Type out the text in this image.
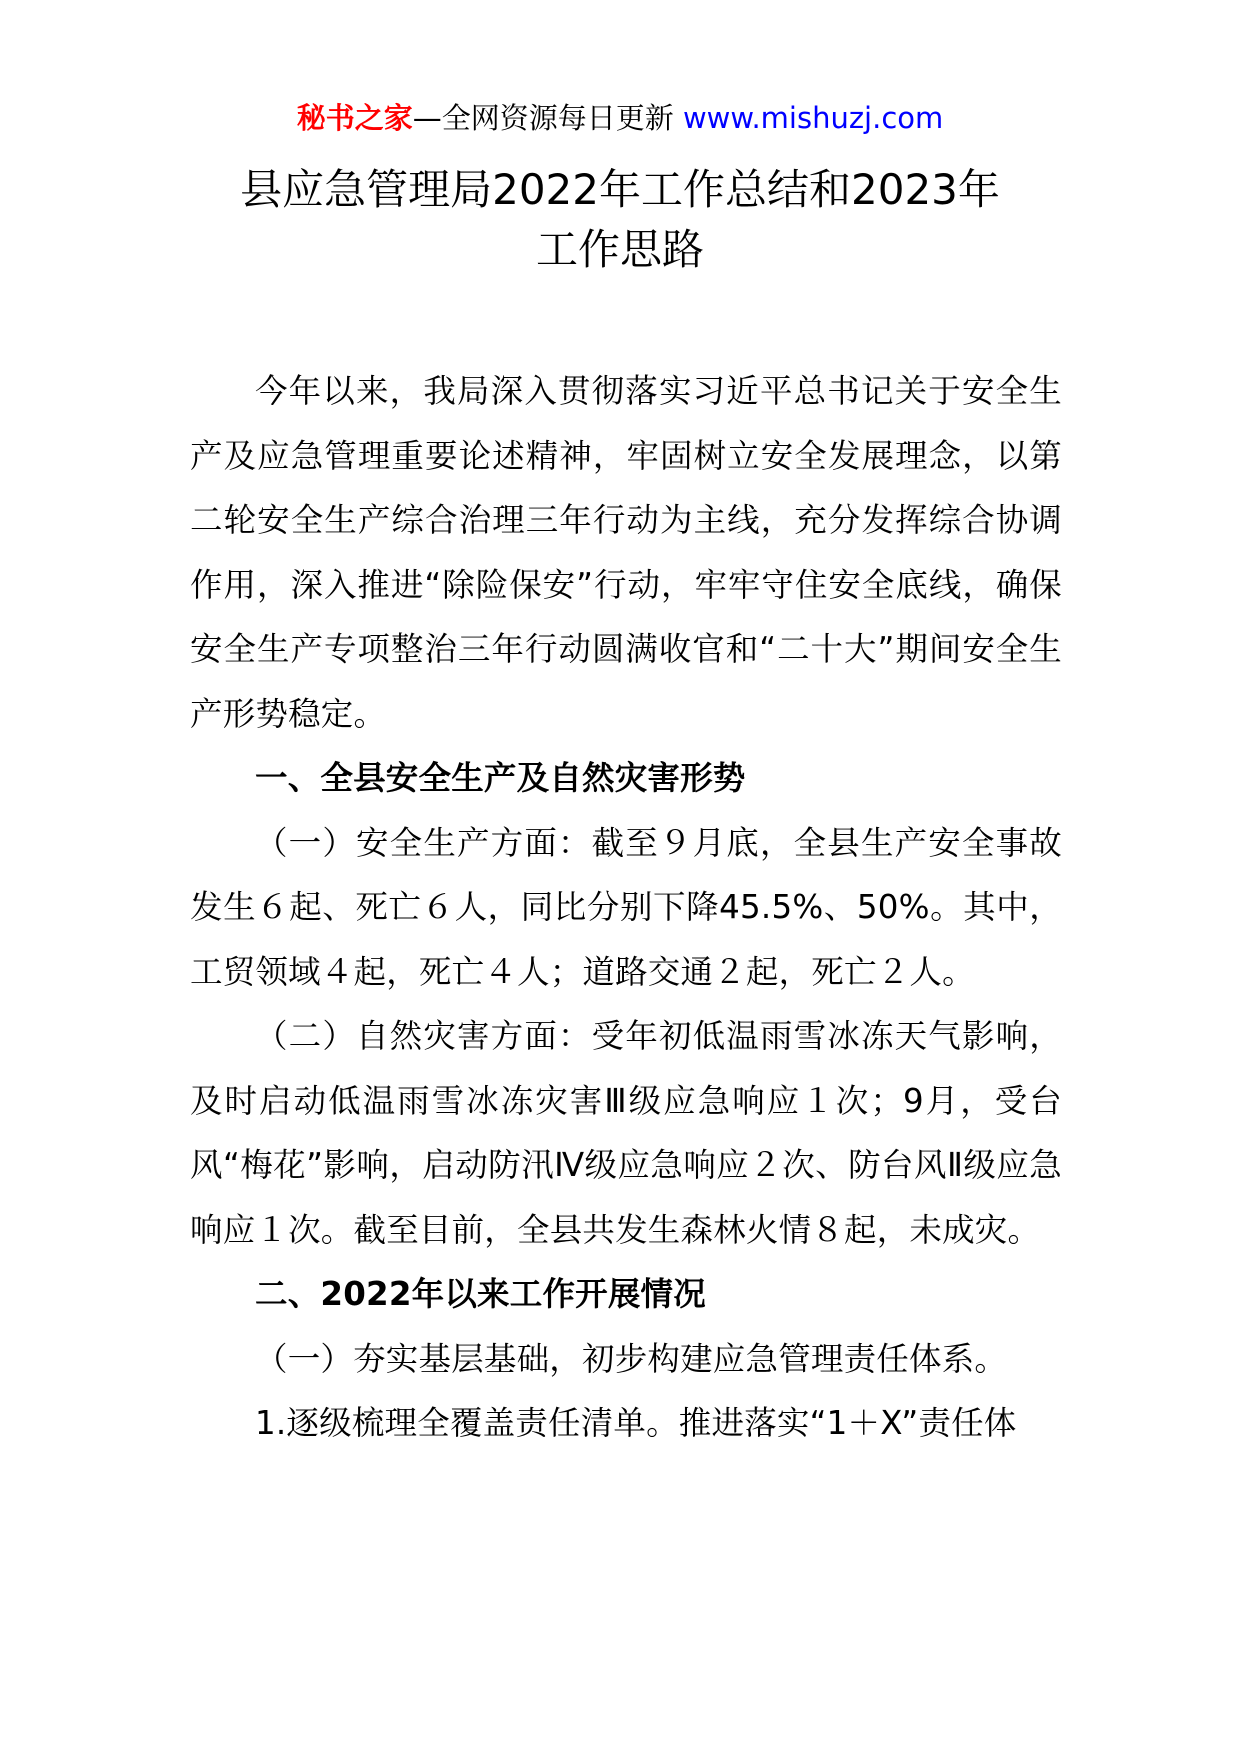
秘书之家—全网资源每日更新 www.mishuzj.com
县应急管理局2022年工作总结和2023年
工作思路

今年以来，我局深入贯彻落实习近平总书记关于安全生产及应急管理重要论述精神，牢固树立安全发展理念，以第二轮安全生产综合治理三年行动为主线，充分发挥综合协调作用，深入推进“除险保安”行动，牢牢守住安全底线，确保安全生产专项整治三年行动圆满收官和“二十大”期间安全生产形势稳定。

一、全县安全生产及自然灾害形势

（一）安全生产方面：截至９月底，全县生产安全事故发生６起、死亡６人，同比分别下降45.5%、50%。其中，工贸领域４起，死亡４人；道路交通２起，死亡２人。

（二）自然灾害方面：受年初低温雨雪冰冻天气影响，及时启动低温雨雪冰冻灾害Ⅲ级应急响应１次；9月，受台风“梅花”影响，启动防汛Ⅳ级应急响应２次、防台风Ⅱ级应急响应１次。截至目前，全县共发生森林火情８起，未成灾。

二、2022年以来工作开展情况

（一）夯实基层基础，初步构建应急管理责任体系。

1.逐级梳理全覆盖责任清单。推进落实“1＋X”责任体
